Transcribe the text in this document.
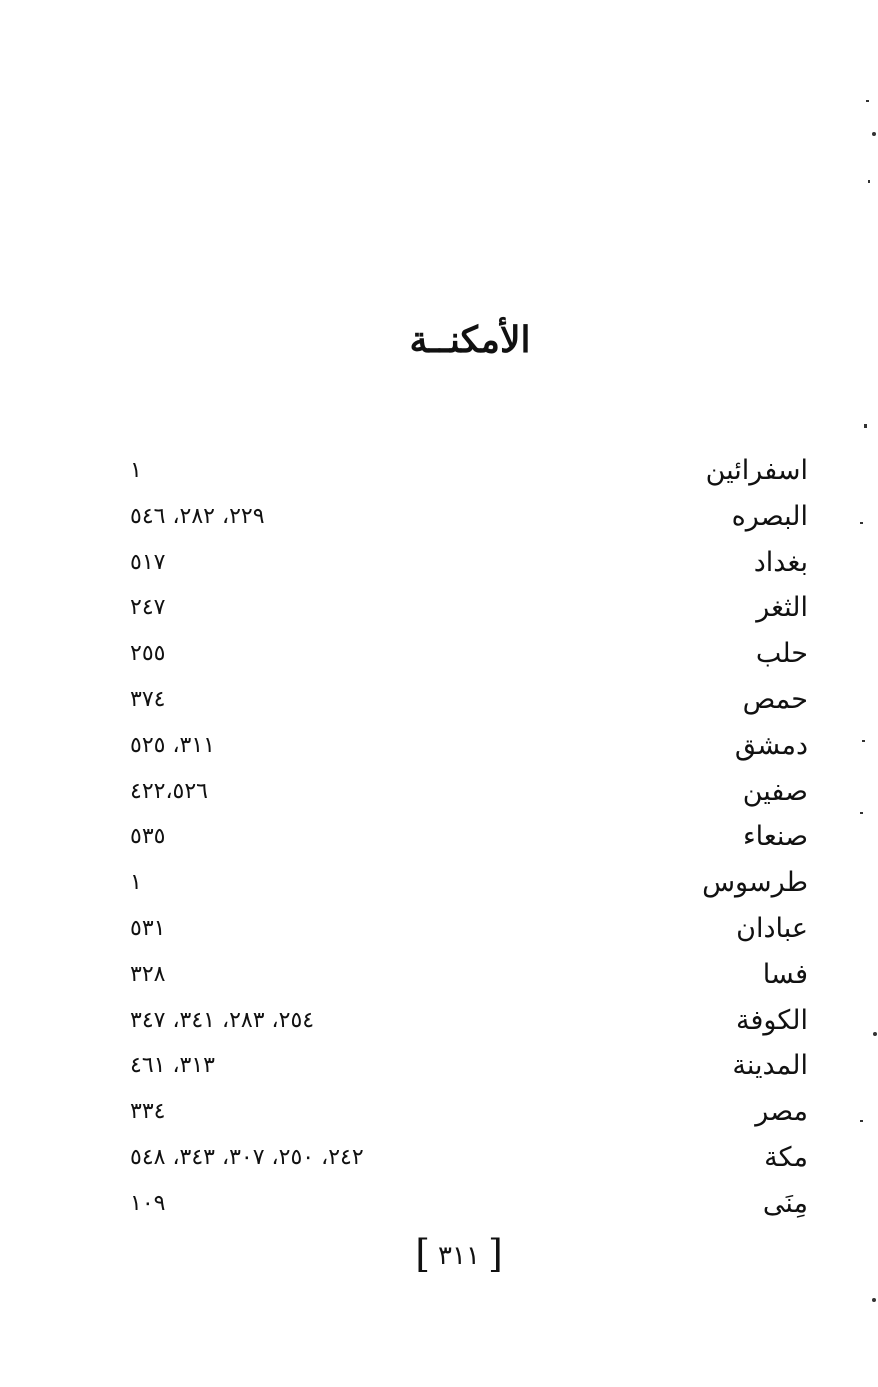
الأمكنــة
اسفرائين
١
البصره
٢٢٩، ٢٨٢، ٥٤٦
بغداد
٥١٧
الثغر
٢٤٧
حلب
٢٥٥
حمص
٣٧٤
دمشق
٣١١، ٥٢٥
صفين
٤٢٢،٥٢٦
صنعاء
٥٣٥
طرسوس
١
عبادان
٥٣١
فسا
٣٢٨
الكوفة
٢٥٤، ٢٨٣، ٣٤١، ٣٤٧
المدينة
٣١٣، ٤٦١
مصر
٣٣٤
مكة
٢٤٢، ٢٥٠، ٣٠٧، ٣٤٣، ٥٤٨
مِنَى
١٠٩
[ ٣١١ ]
